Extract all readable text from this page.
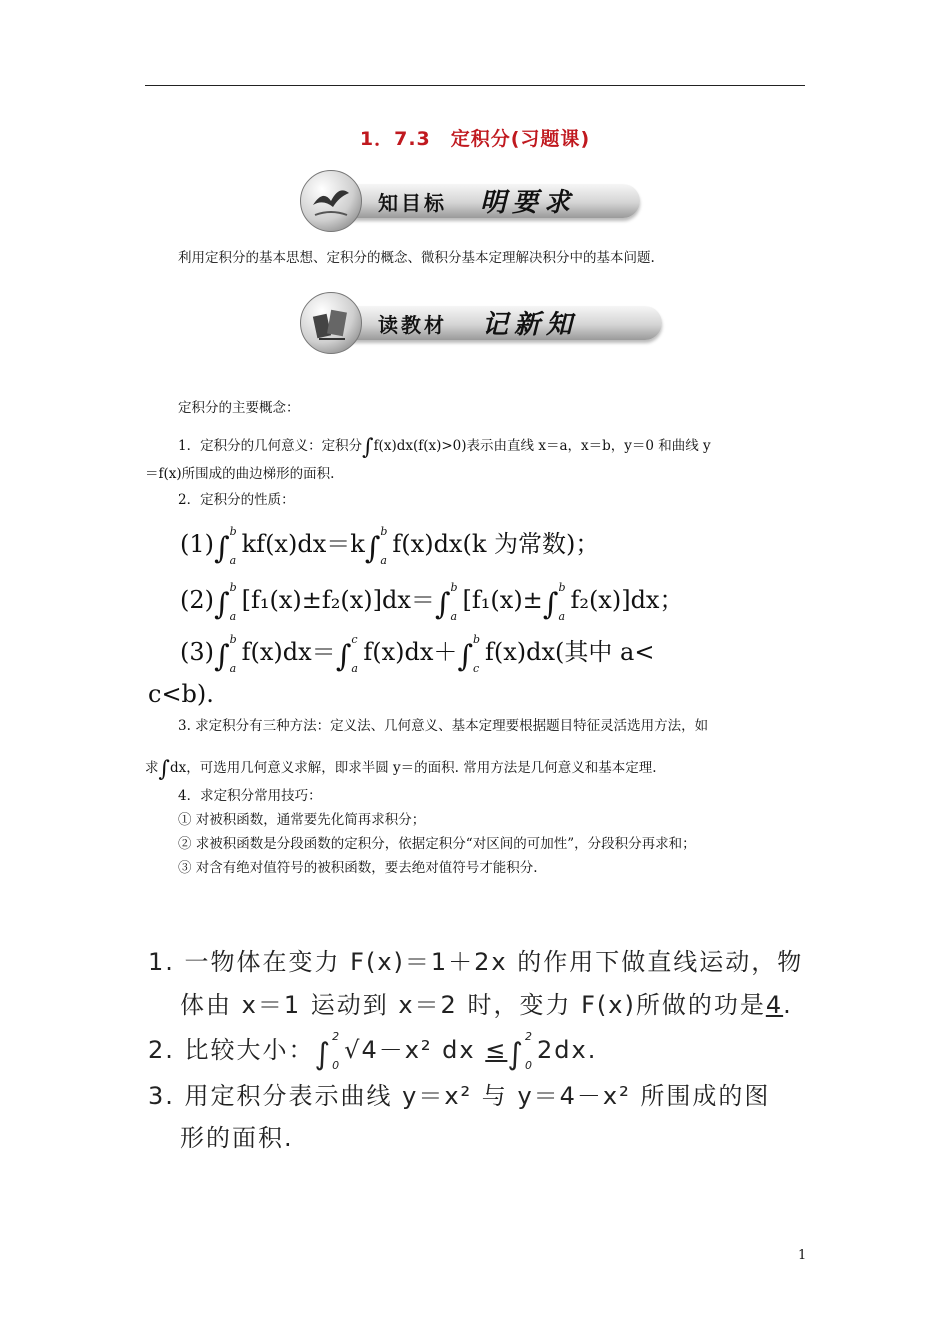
1．7.3　定积分(习题课)
知目标 明要求
利用定积分的基本思想、定积分的概念、微积分基本定理解决积分中的基本问题.
读教材 记新知
定积分的主要概念：
1．定积分的几何意义：定积分∫f(x)dx(f(x)>0)表示由直线 x＝a，x＝b，y＝0 和曲线 y
＝f(x)所围成的曲边梯形的面积.
2．定积分的性质：
(1)∫ b
a
kf(x)dx＝k∫ b
a
f(x)dx(k 为常数)；
(2)∫ b
a
[f₁(x)±f₂(x)]dx＝∫ b
a
[f₁(x)±∫ b
a
f₂(x)]dx；
(3)∫ b
a
f(x)dx＝∫ c
a
f(x)dx＋∫ b
c
f(x)dx(其中 a<
c<b).
3. 求定积分有三种方法：定义法、几何意义、基本定理要根据题目特征灵活选用方法，如
求∫dx，可选用几何意义求解，即求半圆 y＝的面积. 常用方法是几何意义和基本定理.
4．求定积分常用技巧：
① 对被积函数，通常要先化简再求积分；
② 求被积函数是分段函数的定积分，依据定积分“对区间的可加性”，分段积分再求和；
③ 对含有绝对值符号的被积函数，要去绝对值符号才能积分.
1. 一物体在变力 F(x)＝1＋2x 的作用下做直线运动，物
体由 x＝1 运动到 x＝2 时，变力 F(x)所做的功是4.
2. 比较大小：∫
2
0
√4－x² dx ≤∫
2
0
2dx.
3. 用定积分表示曲线 y＝x² 与 y＝4－x² 所围成的图
形的面积.
1
